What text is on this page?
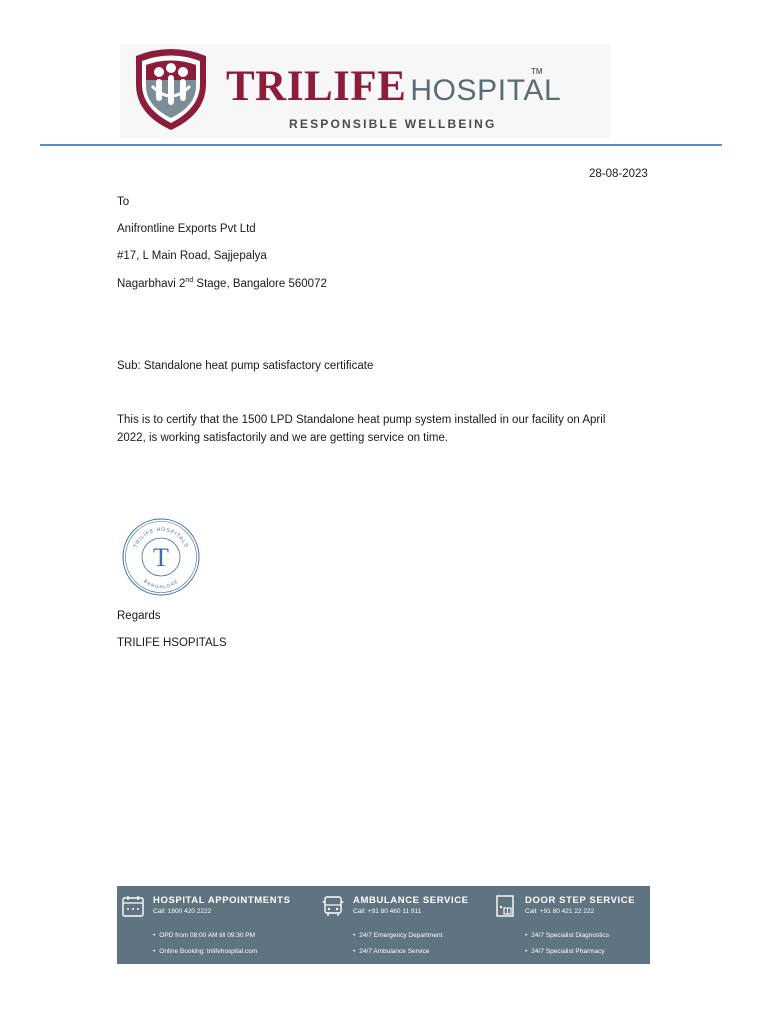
TRILIFE HOSPITAL
TM
RESPONSIBLE WELLBEING
28-08-2023
To
Anifrontline Exports Pvt Ltd
#17, L Main Road, Sajjepalya
Nagarbhavi 2nd Stage, Bangalore 560072
Sub: Standalone heat pump satisfactory certificate
This is to certify that the 1500 LPD Standalone heat pump system installed in our facility on April
2022, is working satisfactorily and we are getting service on time.
TRILIFE HOSPITALS
BANGALORE
T
Regards
TRILIFE HSOPITALS
HOSPITAL APPOINTMENTS
Call: 1800 420 2222
• OPD from 08:00 AM till 09:30 PM
• Online Booking: trilifehospital.com
AMBULANCE SERVICE
Call: +91 80 460 11 911
• 24/7 Emergency Department
• 24/7 Ambulance Service
DOOR STEP SERVICE
Call: +91 80 421 22 222
• 24/7 Specialist Diagnostics
• 24/7 Specialist Pharmacy
